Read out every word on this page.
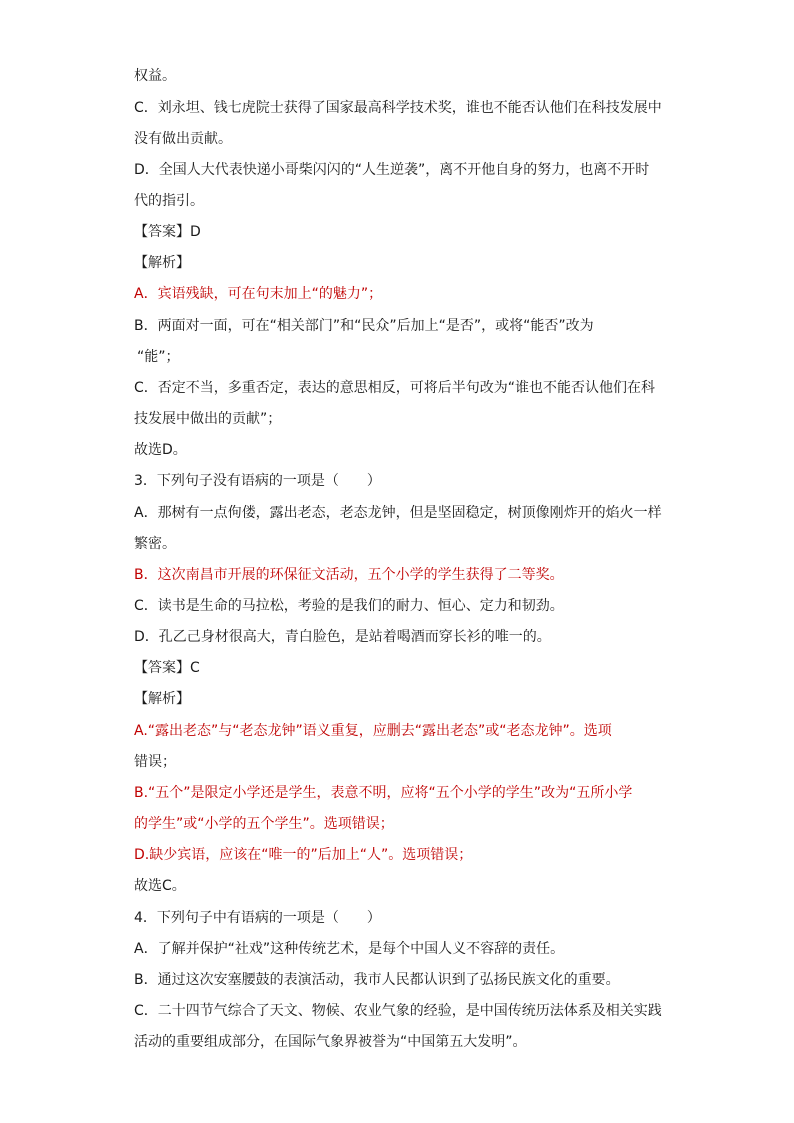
权益。
C．刘永坦、钱七虎院士获得了国家最高科学技术奖，谁也不能否认他们在科技发展中
没有做出贡献。
D．全国人大代表快递小哥柴闪闪的“人生逆袭”，离不开他自身的努力，也离不开时
代的指引。
【答案】D
【解析】
A．宾语残缺，可在句末加上“的魅力”；
B．两面对一面，可在“相关部门”和“民众”后加上“是否”，或将“能否”改为
“能”；
C．否定不当，多重否定，表达的意思相反，可将后半句改为“谁也不能否认他们在科
技发展中做出的贡献”；
故选D。
3．下列句子没有语病的一项是（　　）
A．那树有一点佝偻，露出老态，老态龙钟，但是坚固稳定，树顶像刚炸开的焰火一样
繁密。
B．这次南昌市开展的环保征文活动，五个小学的学生获得了二等奖。
C．读书是生命的马拉松，考验的是我们的耐力、恒心、定力和韧劲。
D．孔乙己身材很高大，青白脸色，是站着喝酒而穿长衫的唯一的。
【答案】C
【解析】
A.“露出老态”与“老态龙钟”语义重复，应删去“露出老态”或“老态龙钟”。选项
错误；
B.“五个”是限定小学还是学生，表意不明，应将“五个小学的学生”改为“五所小学
的学生”或“小学的五个学生”。选项错误；
D.缺少宾语，应该在“唯一的”后加上“人”。选项错误；
故选C。
4．下列句子中有语病的一项是（　　）
A．了解并保护“社戏”这种传统艺术，是每个中国人义不容辞的责任。
B．通过这次安塞腰鼓的表演活动，我市人民都认识到了弘扬民族文化的重要。
C．二十四节气综合了天文、物候、农业气象的经验，是中国传统历法体系及相关实践
活动的重要组成部分，在国际气象界被誉为“中国第五大发明”。
